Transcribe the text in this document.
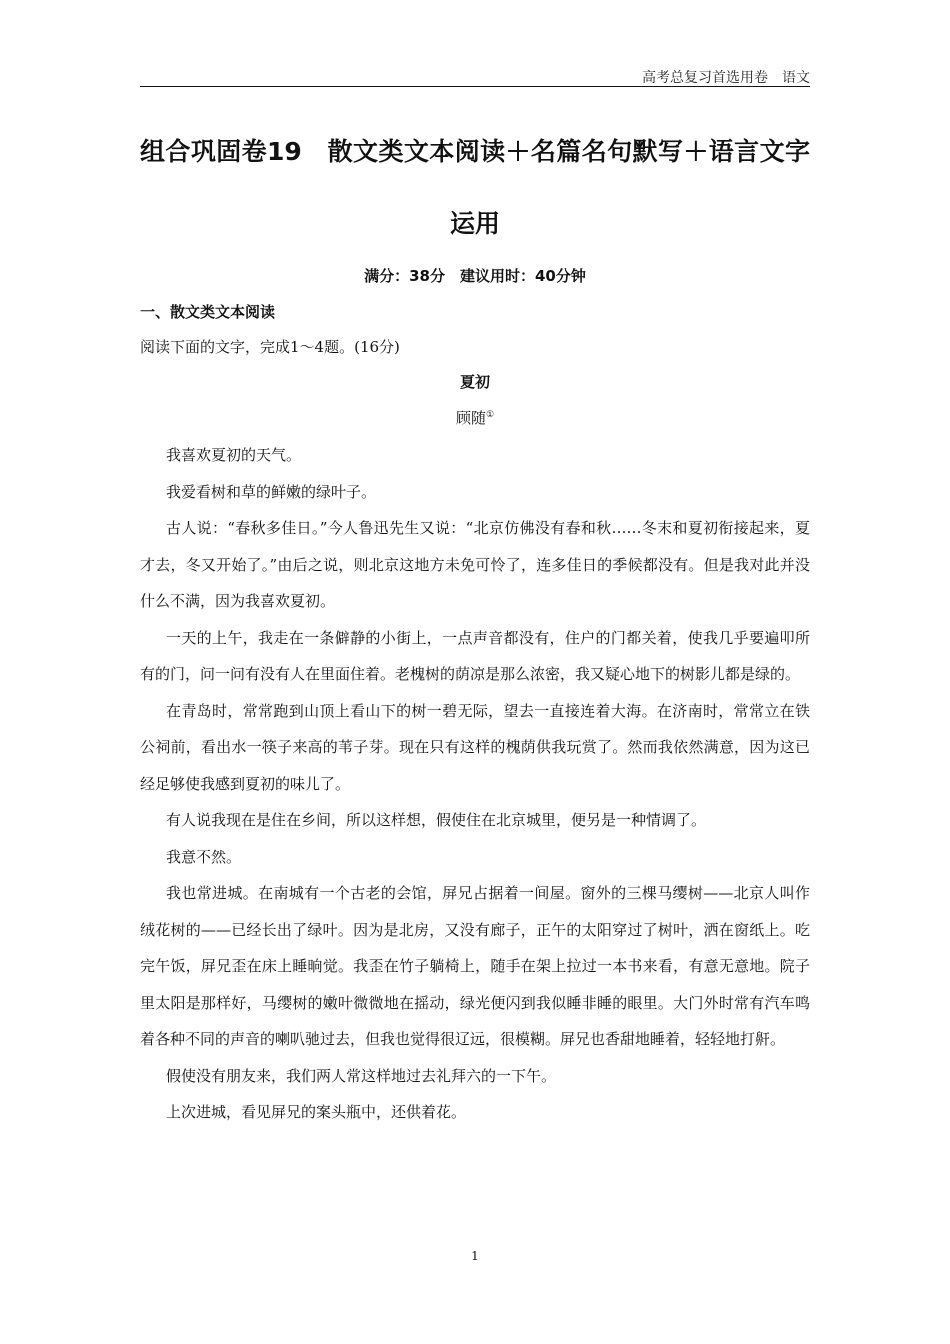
高考总复习首选用卷　语文
组合巩固卷19　散文类文本阅读＋名篇名句默写＋语言文字
运用
满分：38分　建议用时：40分钟
一、散文类文本阅读
阅读下面的文字，完成1～4题。(16分)
夏初
顾随①

我喜欢夏初的天气。

我爱看树和草的鲜嫩的绿叶子。

古人说：“春秋多佳日。”今人鲁迅先生又说：“北京仿佛没有春和秋……冬末和夏初衔接起来，夏才去，冬又开始了。”由后之说，则北京这地方未免可怜了，连多佳日的季候都没有。但是我对此并没什么不满，因为我喜欢夏初。

一天的上午，我走在一条僻静的小街上，一点声音都没有，住户的门都关着，使我几乎要遍叩所有的门，问一问有没有人在里面住着。老槐树的荫凉是那么浓密，我又疑心地下的树影儿都是绿的。

在青岛时，常常跑到山顶上看山下的树一碧无际，望去一直接连着大海。在济南时，常常立在铁公祠前，看出水一筷子来高的苇子芽。现在只有这样的槐荫供我玩赏了。然而我依然满意，因为这已经足够使我感到夏初的味儿了。

有人说我现在是住在乡间，所以这样想，假使住在北京城里，便另是一种情调了。

我意不然。

我也常进城。在南城有一个古老的会馆，屏兄占据着一间屋。窗外的三棵马缨树——北京人叫作绒花树的——已经长出了绿叶。因为是北房，又没有廊子，正午的太阳穿过了树叶，洒在窗纸上。吃完午饭，屏兄歪在床上睡晌觉。我歪在竹子躺椅上，随手在架上拉过一本书来看，有意无意地。院子里太阳是那样好，马缨树的嫩叶微微地在摇动，绿光便闪到我似睡非睡的眼里。大门外时常有汽车鸣着各种不同的声音的喇叭驰过去，但我也觉得很辽远，很模糊。屏兄也香甜地睡着，轻轻地打鼾。

假使没有朋友来，我们两人常这样地过去礼拜六的一下午。

上次进城，看见屏兄的案头瓶中，还供着花。

1
